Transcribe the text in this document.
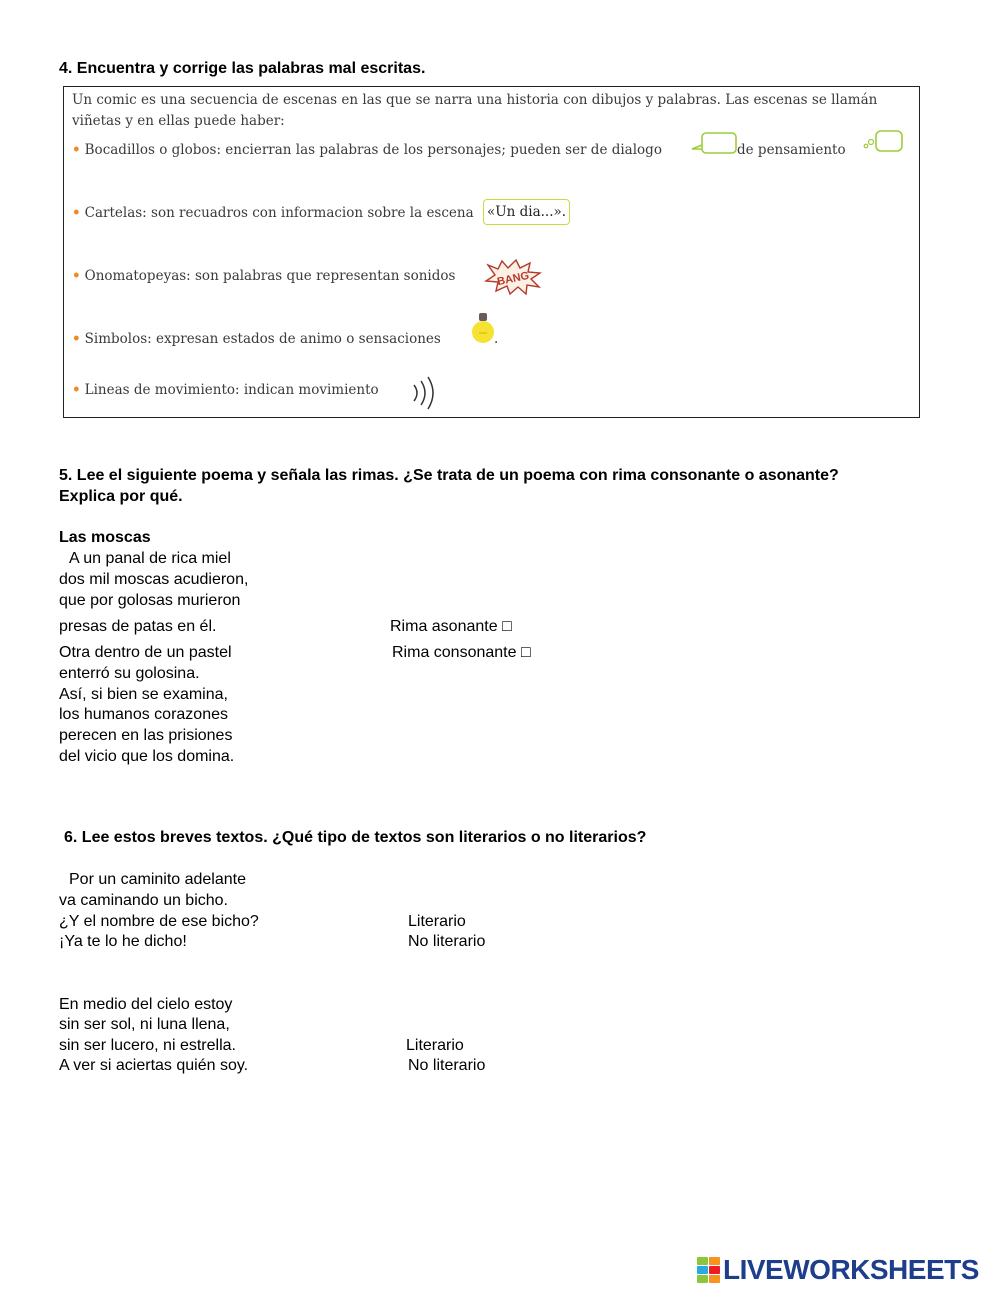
4. Encuentra y corrige las palabras mal escritas.
Un comic es una secuencia de escenas en las que se narra una historia con dibujos y palabras. Las escenas se llamán
viñetas y en ellas puede haber:
• Bocadillos o globos: encierran las palabras de los personajes; pueden ser de dialogo	de pensamiento
• Cartelas: son recuadros con informacion sobre la escena «Un dia...».
• Onomatopeyas: son palabras que representan sonidos	BANG
• Simbolos: expresan estados de animo o sensaciones	.
• Lineas de movimiento: indican movimiento
5. Lee el siguiente poema y señala las rimas. ¿Se trata de un poema con rima consonante o asonante?
Explica por qué.
Las moscas
A un panal de rica miel
dos mil moscas acudieron,
que por golosas murieron
presas de patas en él.
Otra dentro de un pastel
enterró su golosina.
Así, si bien se examina,
los humanos corazones
perecen en las prisiones
del vicio que los domina.
Rima asonante □
Rima consonante □
6. Lee estos breves textos. ¿Qué tipo de textos son literarios o no literarios?
Por un caminito adelante
va caminando un bicho.
¿Y el nombre de ese bicho?
¡Ya te lo he dicho!
Literario
No literario
En medio del cielo estoy
sin ser sol, ni luna llena,
sin ser lucero, ni estrella.
A ver si aciertas quién soy.
Literario
No literario
LIVEWORKSHEETS
